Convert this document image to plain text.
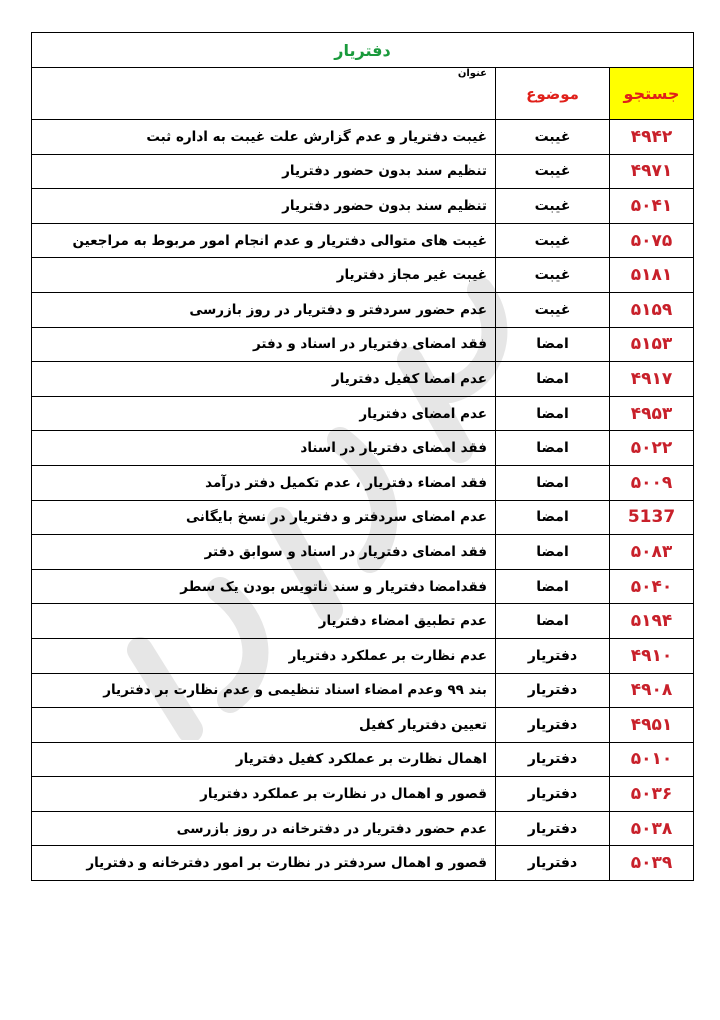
دفتریار		
جستجو	موضوع	عنوان
۴۹۴۲	غیبت	غیبت دفتریار و عدم گزارش علت غیبت به اداره ثبت
۴۹۷۱	غیبت	تنظیم سند بدون حضور دفتریار
۵۰۴۱	غیبت	تنظیم سند بدون حضور دفتریار
۵۰۷۵	غیبت	غیبت های متوالی دفتریار و عدم انجام امور مربوط به مراجعین
۵۱۸۱	غیبت	غیبت غیر مجاز دفتریار
۵۱۵۹	غیبت	عدم حضور سردفتر و دفتریار در روز بازرسی
۵۱۵۳	امضا	فقد امضای دفتریار در اسناد و دفتر
۴۹۱۷	امضا	عدم امضا کفیل دفتریار
۴۹۵۳	امضا	عدم امضای دفتریار
۵۰۲۲	امضا	فقد امضای دفتریار در اسناد
۵۰۰۹	امضا	فقد امضاء دفتریار ، عدم تکمیل دفتر درآمد
5137	امضا	عدم امضای سردفتر و دفتریار در نسخ بایگانی
۵۰۸۳	امضا	فقد امضای دفتریار در اسناد و سوابق دفتر
۵۰۴۰	امضا	فقدامضا دفتریار و سند ناتویس بودن یک سطر
۵۱۹۴	امضا	عدم تطبیق امضاء دفتریار
۴۹۱۰	دفتریار	عدم نظارت بر عملکرد دفتریار
۴۹۰۸	دفتریار	بند ۹۹ وعدم امضاء اسناد تنظیمی و عدم نظارت بر دفتریار
۴۹۵۱	دفتریار	تعیین دفتریار کفیل
۵۰۱۰	دفتریار	اهمال نظارت بر عملکرد کفیل دفتریار
۵۰۳۶	دفتریار	قصور و اهمال در نظارت بر عملکرد دفتریار
۵۰۳۸	دفتریار	عدم حضور دفتریار در دفترخانه در روز بازرسی
۵۰۳۹	دفتریار	قصور و اهمال سردفتر در نظارت بر امور دفترخانه و دفتریار
